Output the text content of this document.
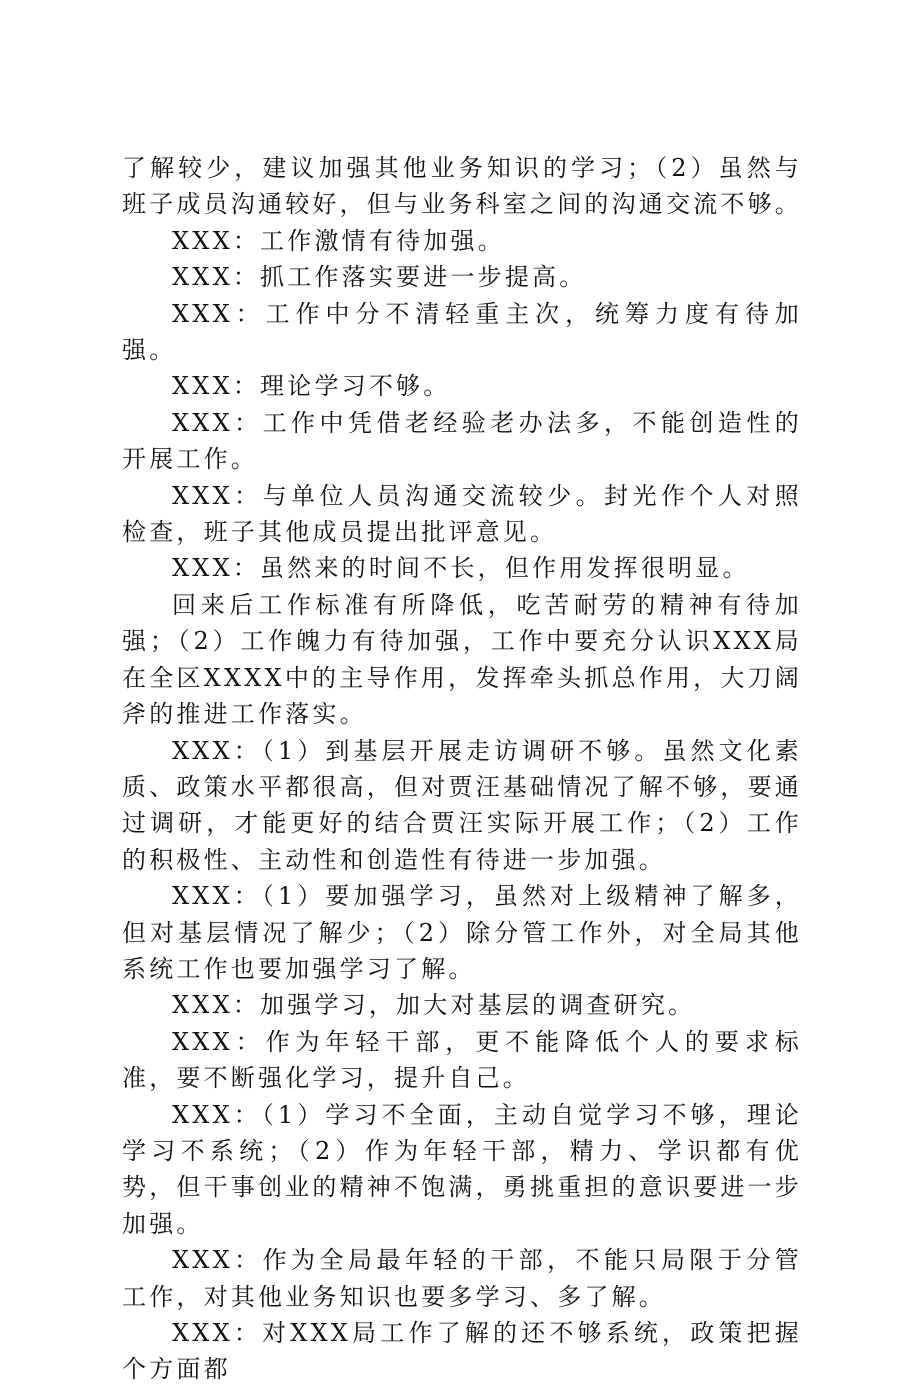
了解较少，建议加强其他业务知识的学习；（2）虽然与班子成员沟通较好，但与业务科室之间的沟通交流不够。

XXX：工作激情有待加强。

XXX：抓工作落实要进一步提高。

XXX：工作中分不清轻重主次，统筹力度有待加强。

XXX：理论学习不够。

XXX：工作中凭借老经验老办法多，不能创造性的开展工作。

XXX：与单位人员沟通交流较少。封光作个人对照检查，班子其他成员提出批评意见。

XXX：虽然来的时间不长，但作用发挥很明显。

回来后工作标准有所降低，吃苦耐劳的精神有待加强；（2）工作魄力有待加强，工作中要充分认识XXX局在全区XXXX中的主导作用，发挥牵头抓总作用，大刀阔斧的推进工作落实。

XXX：（1）到基层开展走访调研不够。虽然文化素质、政策水平都很高，但对贾汪基础情况了解不够，要通过调研，才能更好的结合贾汪实际开展工作；（2）工作的积极性、主动性和创造性有待进一步加强。

XXX：（1）要加强学习，虽然对上级精神了解多，但对基层情况了解少；（2）除分管工作外，对全局其他系统工作也要加强学习了解。

XXX：加强学习，加大对基层的调查研究。

XXX：作为年轻干部，更不能降低个人的要求标准，要不断强化学习，提升自己。

XXX：（1）学习不全面，主动自觉学习不够，理论学习不系统；（2）作为年轻干部，精力、学识都有优势，但干事创业的精神不饱满，勇挑重担的意识要进一步加强。

XXX：作为全局最年轻的干部，不能只局限于分管工作，对其他业务知识也要多学习、多了解。

XXX：对XXX局工作了解的还不够系统，政策把握个方面都
